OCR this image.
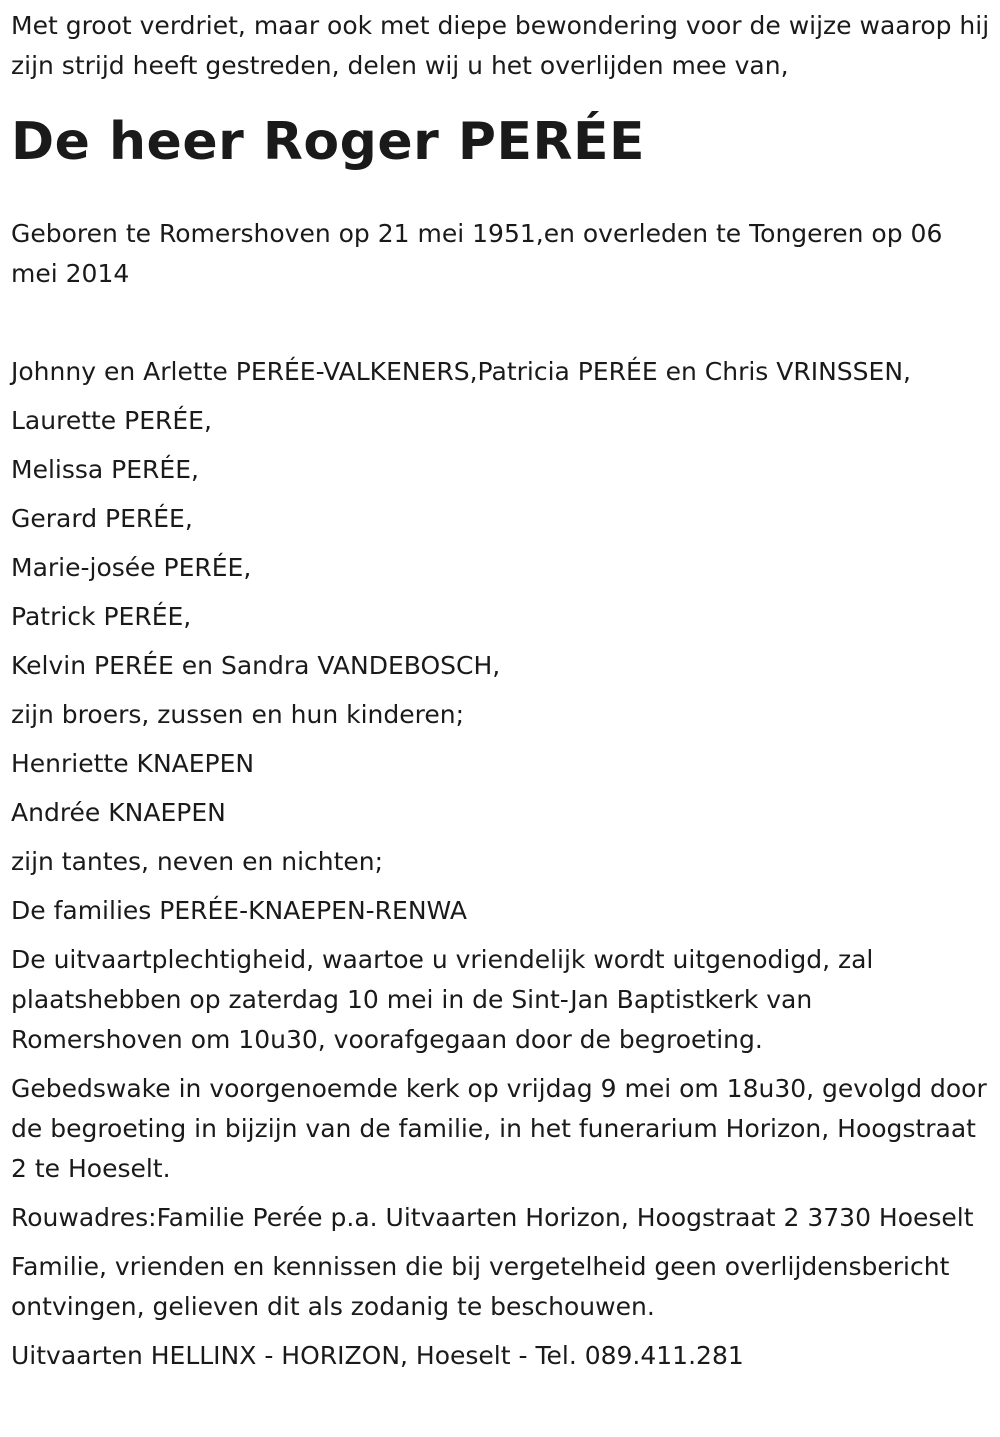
Met groot verdriet, maar ook met diepe bewondering voor de wijze waarop hij zijn strijd heeft gestreden, delen wij u het overlijden mee van,

De heer Roger PERÉE

Geboren te Romershoven op 21 mei 1951,en overleden te Tongeren op 06 mei 2014

Johnny en Arlette PERÉE-VALKENERS,Patricia PERÉE en Chris VRINSSEN,

Laurette PERÉE,

Melissa PERÉE,

Gerard PERÉE,

Marie-josée PERÉE,

Patrick PERÉE,

Kelvin PERÉE en Sandra VANDEBOSCH,

zijn broers, zussen en hun kinderen;

Henriette KNAEPEN

Andrée KNAEPEN

zijn tantes, neven en nichten;

De families PERÉE-KNAEPEN-RENWA

De uitvaartplechtigheid, waartoe u vriendelijk wordt uitgenodigd, zal plaatshebben op zaterdag 10 mei in de Sint-Jan Baptistkerk van Romershoven om 10u30, voorafgegaan door de begroeting.

Gebedswake in voorgenoemde kerk op vrijdag 9 mei om 18u30, gevolgd door de begroeting in bijzijn van de familie, in het funerarium Horizon, Hoogstraat 2 te Hoeselt.

Rouwadres:Familie Perée p.a. Uitvaarten Horizon, Hoogstraat 2 3730 Hoeselt

Familie, vrienden en kennissen die bij vergetelheid geen overlijdensbericht ontvingen, gelieven dit als zodanig te beschouwen.

Uitvaarten HELLINX - HORIZON, Hoeselt - Tel. 089.411.281
